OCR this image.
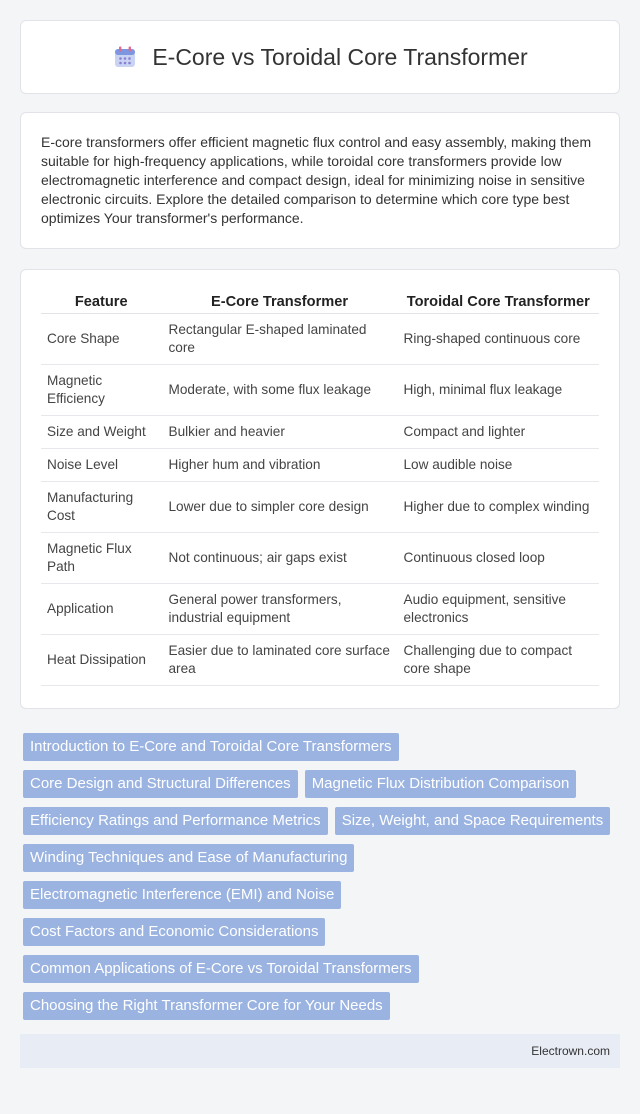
E-Core vs Toroidal Core Transformer
E-core transformers offer efficient magnetic flux control and easy assembly, making them suitable for high-frequency applications, while toroidal core transformers provide low electromagnetic interference and compact design, ideal for minimizing noise in sensitive electronic circuits. Explore the detailed comparison to determine which core type best optimizes Your transformer's performance.
Feature	E-Core Transformer	Toroidal Core Transformer
Core Shape	Rectangular E-shaped laminated core	Ring-shaped continuous core
Magnetic Efficiency	Moderate, with some flux leakage	High, minimal flux leakage
Size and Weight	Bulkier and heavier	Compact and lighter
Noise Level	Higher hum and vibration	Low audible noise
Manufacturing Cost	Lower due to simpler core design	Higher due to complex winding
Magnetic Flux Path	Not continuous; air gaps exist	Continuous closed loop
Application	General power transformers, industrial equipment	Audio equipment, sensitive electronics
Heat Dissipation	Easier due to laminated core surface area	Challenging due to compact core shape
Introduction to E-Core and Toroidal Core Transformers
Core Design and Structural Differences	Magnetic Flux Distribution Comparison
Efficiency Ratings and Performance Metrics	Size, Weight, and Space Requirements
Winding Techniques and Ease of Manufacturing
Electromagnetic Interference (EMI) and Noise
Cost Factors and Economic Considerations
Common Applications of E-Core vs Toroidal Transformers
Choosing the Right Transformer Core for Your Needs
Electrown.com
